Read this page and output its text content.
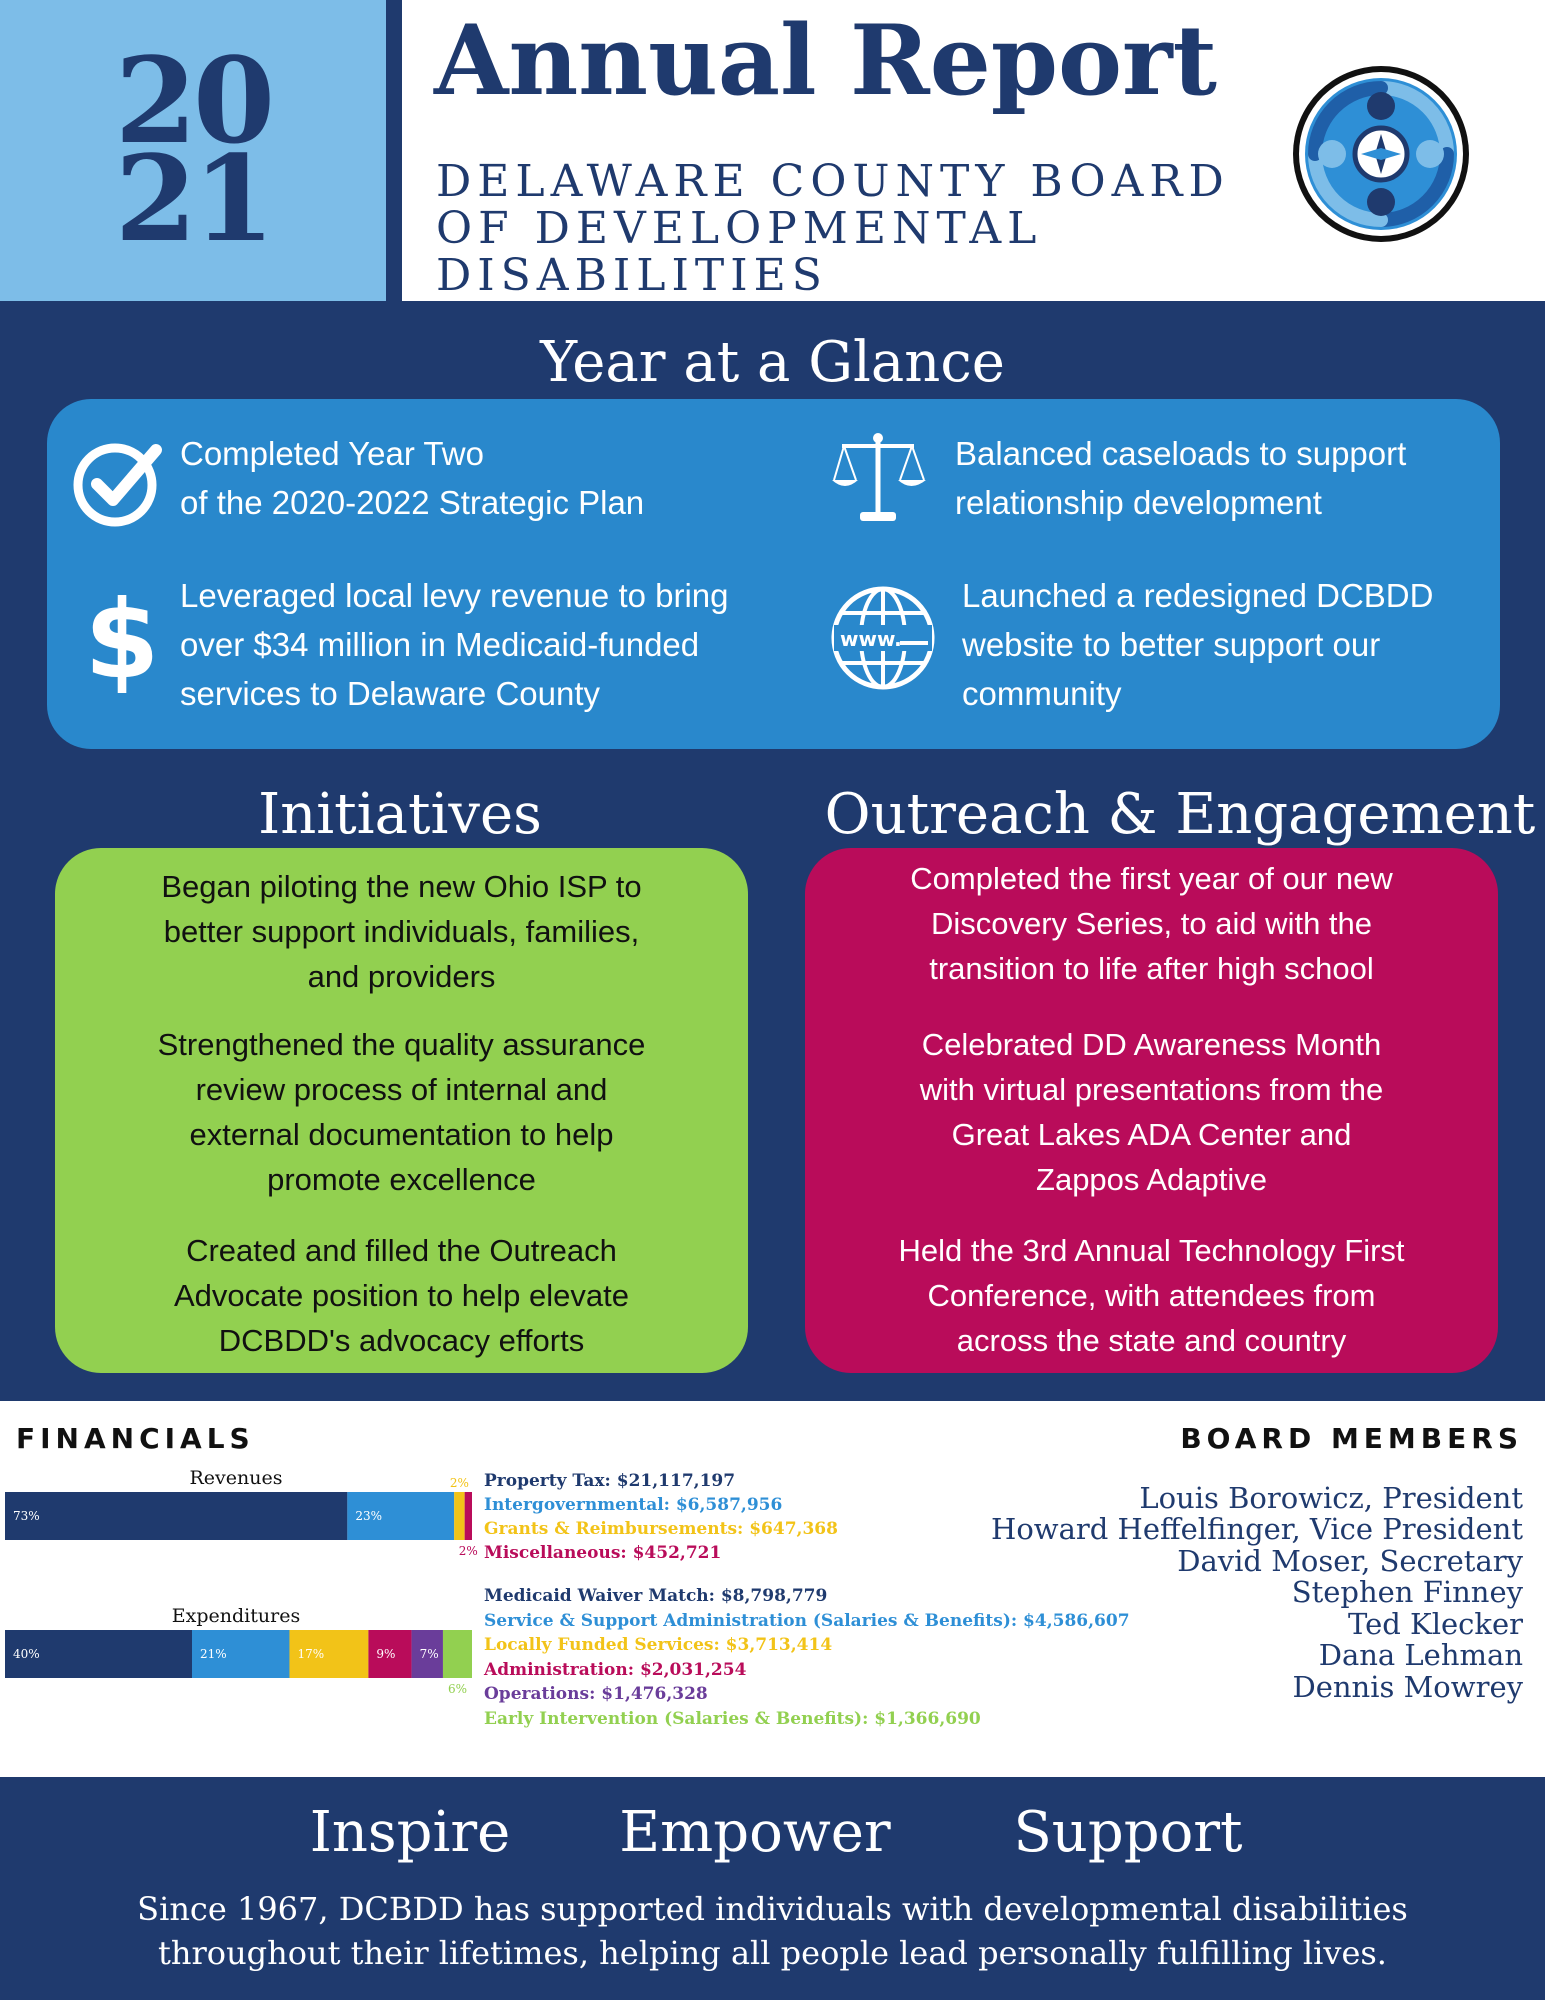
20
21
Annual Report
DELAWARE COUNTY BOARD
OF DEVELOPMENTAL
DISABILITIES
Year at a Glance
Completed Year Two
of the 2020-2022 Strategic Plan
Balanced caseloads to support
relationship development
$ Leveraged local levy revenue to bring
over $34 million in Medicaid-funded
services to Delaware County
www.
Launched a redesigned DCBDD
website to better support our
community
Initiatives	Outreach & Engagement
Began piloting the new Ohio ISP to
better support individuals, families,
and providers
Strengthened the quality assurance
review process of internal and
external documentation to help
promote excellence
Created and filled the Outreach
Advocate position to help elevate
DCBDD's advocacy efforts
Completed the first year of our new
Discovery Series, to aid with the
transition to life after high school
Celebrated DD Awareness Month
with virtual presentations from the
Great Lakes ADA Center and
Zappos Adaptive
Held the 3rd Annual Technology First
Conference, with attendees from
across the state and country
FINANCIALS	BOARD MEMBERS
Revenues
73%	23%
2%
2%
Expenditures
40%	21%	17%	9% 7%
6%
Property Tax: $21,117,197
Intergovernmental: $6,587,956
Grants & Reimbursements: $647,368
Miscellaneous: $452,721
Medicaid Waiver Match: $8,798,779
Service & Support Administration (Salaries & Benefits): $4,586,607
Locally Funded Services: $3,713,414
Administration: $2,031,254
Operations: $1,476,328
Early Intervention (Salaries & Benefits): $1,366,690
Louis Borowicz, President
Howard Heffelfinger, Vice President
David Moser, Secretary
Stephen Finney
Ted Klecker
Dana Lehman
Dennis Mowrey
Inspire	Empower	Support
Since 1967, DCBDD has supported individuals with developmental disabilities
throughout their lifetimes, helping all people lead personally fulfilling lives.
